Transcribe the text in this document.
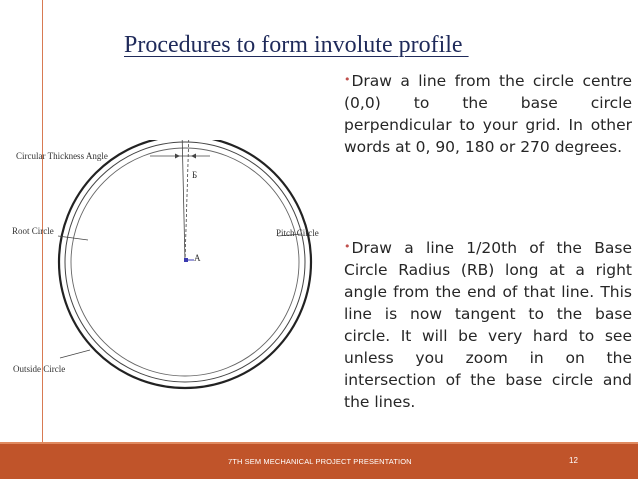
Procedures to form involute profile
•Draw a line from the circle centre (0,0) to the base circle perpendicular to your grid. In other words at 0, 90, 180 or 270 degrees.
•Draw a line 1/20th of the Base Circle Radius (RB) long at a right angle from the end of that line. This line is now tangent to the base circle. It will be very hard to see unless you zoom in on the intersection of the base circle and the lines.
Circular Thickness Angle
Root Circle	Pitch Circle
Outside Circle
Б
A
7TH SEM MECHANICAL PROJECT PRESENTATION	12
